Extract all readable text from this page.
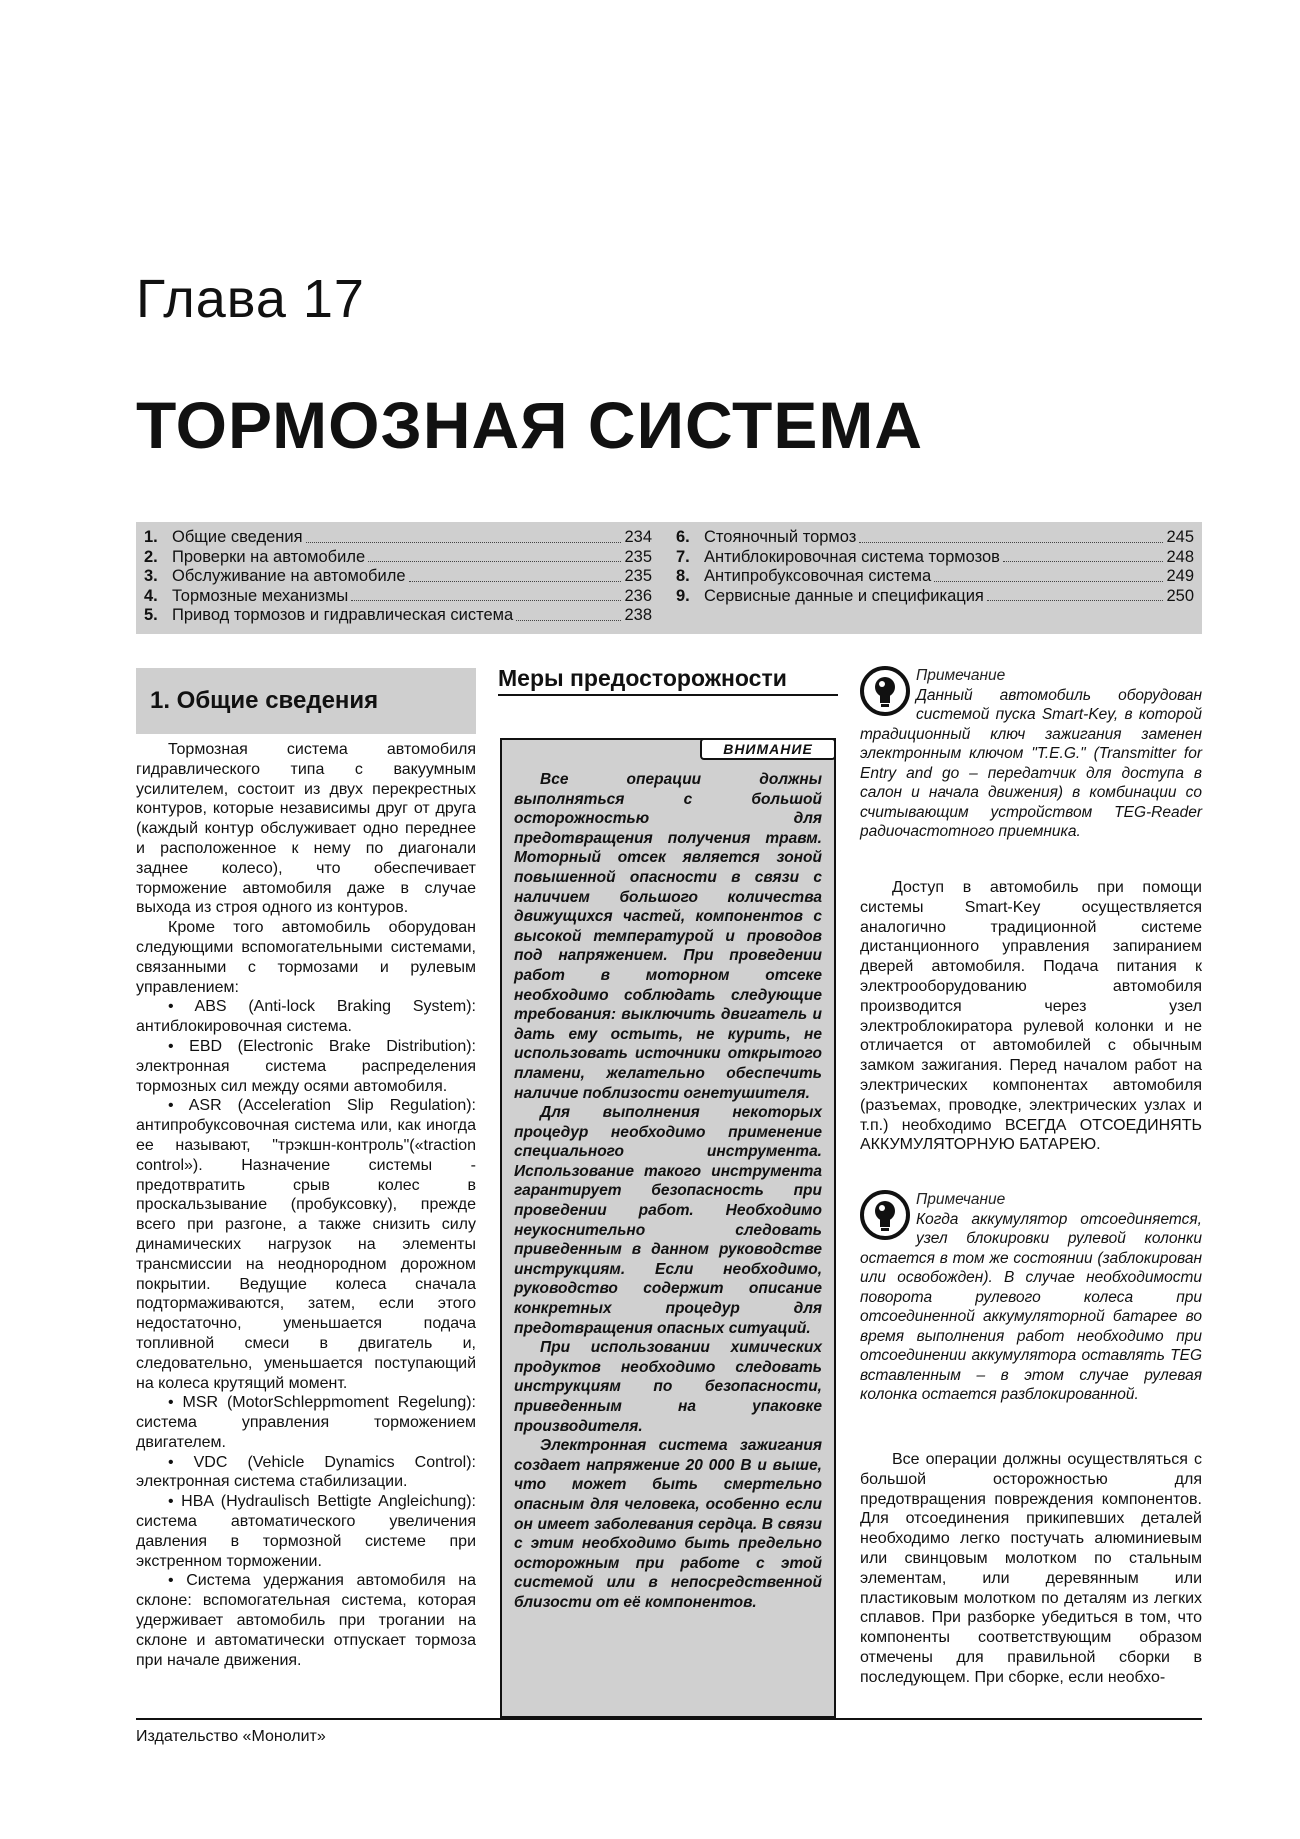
Глава 17
ТОРМОЗНАЯ СИСТЕМА
1. Общие сведения	234
2. Проверки на автомобиле	235
3. Обслуживание на автомобиле	235
4. Тормозные механизмы	236
5. Привод тормозов и гидравлическая система	238
6. Стояночный тормоз	245
7. Антиблокировочная система тормозов	248
8. Антипробуксовочная система	249
9. Сервисные данные и спецификация	250
1. Общие сведения

Тормозная система автомобиля гидравлического типа с вакуумным усилителем, состоит из двух перекрестных контуров, которые независимы друг от друга (каждый контур обслуживает одно переднее и расположенное к нему по диагонали заднее колесо), что обеспечивает торможение автомобиля даже в случае выхода из строя одного из контуров.

Кроме того автомобиль оборудован следующими вспомогательными системами, связанными с тормозами и рулевым управлением:

• ABS (Anti-lock Braking System): антиблокировочная система.

• EBD (Electronic Brake Distribution): электронная система распределения тормозных сил между осями автомобиля.

• ASR (Acceleration Slip Regulation): антипробуксовочная система или, как иногда ее называют, "трэкшн-контроль"(«traction control»). Назначение системы - предотвратить срыв колес в проскальзывание (пробуксовку), прежде всего при разгоне, а также снизить силу динамических нагрузок на элементы трансмиссии на неоднородном дорожном покрытии. Ведущие колеса сначала подтормаживаются, затем, если этого недостаточно, уменьшается подача топливной смеси в двигатель и, следовательно, уменьшается поступающий на колеса крутящий момент.

• MSR (MotorSchleppmoment Regelung): система управления торможением двигателем.

• VDC (Vehicle Dynamics Control): электронная система стабилизации.

• HBA (Hydraulisch Bettigte Angleichung): система автоматического увеличения давления в тормозной системе при экстренном торможении.

• Система удержания автомобиля на склоне: вспомогательная система, которая удерживает автомобиль при трогании на склоне и автоматически отпускает тормоза при начале движения.

Меры предосторожности
ВНИМАНИЕ

Все операции должны выполняться с большой осторожностью для предотвращения получения травм. Моторный отсек является зоной повышенной опасности в связи с наличием большого количества движущихся частей, компонентов с высокой температурой и проводов под напряжением. При проведении работ в моторном отсеке необходимо соблюдать следующие требования: выключить двигатель и дать ему остыть, не курить, не использовать источники открытого пламени, желательно обеспечить наличие поблизости огнетушителя.

Для выполнения некоторых процедур необходимо применение специального инструмента. Использование такого инструмента гарантирует безопасность при проведении работ. Необходимо неукоснительно следовать приведенным в данном руководстве инструкциям. Если необходимо, руководство содержит описание конкретных процедур для предотвращения опасных ситуаций.

При использовании химических продуктов необходимо следовать инструкциям по безопасности, приведенным на упаковке производителя.

Электронная система зажигания создает напряжение 20 000 В и выше, что может быть смертельно опасным для человека, особенно если он имеет заболевания сердца. В связи с этим необходимо быть предельно осторожным при работе с этой системой или в непосредственной близости от её компонентов.

Примечание
Данный автомобиль оборудован системой пуска Smart-Key, в которой традиционный ключ зажигания заменен электронным ключом "T.E.G." (Transmitter for Entry and go – передатчик для доступа в салон и начала движения) в комбинации со считывающим устройством TEG-Reader радиочастотного приемника.

Доступ в автомобиль при помощи системы Smart-Key осуществляется аналогично традиционной системе дистанционного управления запиранием дверей автомобиля. Подача питания к электрооборудованию автомобиля производится через узел электроблокиратора рулевой колонки и не отличается от автомобилей с обычным замком зажигания. Перед началом работ на электрических компонентах автомобиля (разъемах, проводке, электрических узлах и т.п.) необходимо ВСЕГДА ОТСОЕДИНЯТЬ АККУМУЛЯТОРНУЮ БАТАРЕЮ.

Примечание
Когда аккумулятор отсоединяется, узел блокировки рулевой колонки остается в том же состоянии (заблокирован или освобожден). В случае необходимости поворота рулевого колеса при отсоединенной аккумуляторной батарее во время выполнения работ необходимо при отсоединении аккумулятора оставлять TEG вставленным – в этом случае рулевая колонка остается разблокированной.

Все операции должны осуществляться с большой осторожностью для предотвращения повреждения компонентов. Для отсоединения прикипевших деталей необходимо легко постучать алюминиевым или свинцовым молотком по стальным элементам, или деревянным или пластиковым молотком по деталям из легких сплавов. При разборке убедиться в том, что компоненты соответствующим образом отмечены для правильной сборки в последующем. При сборке, если необхо-

Издательство «Монолит»
